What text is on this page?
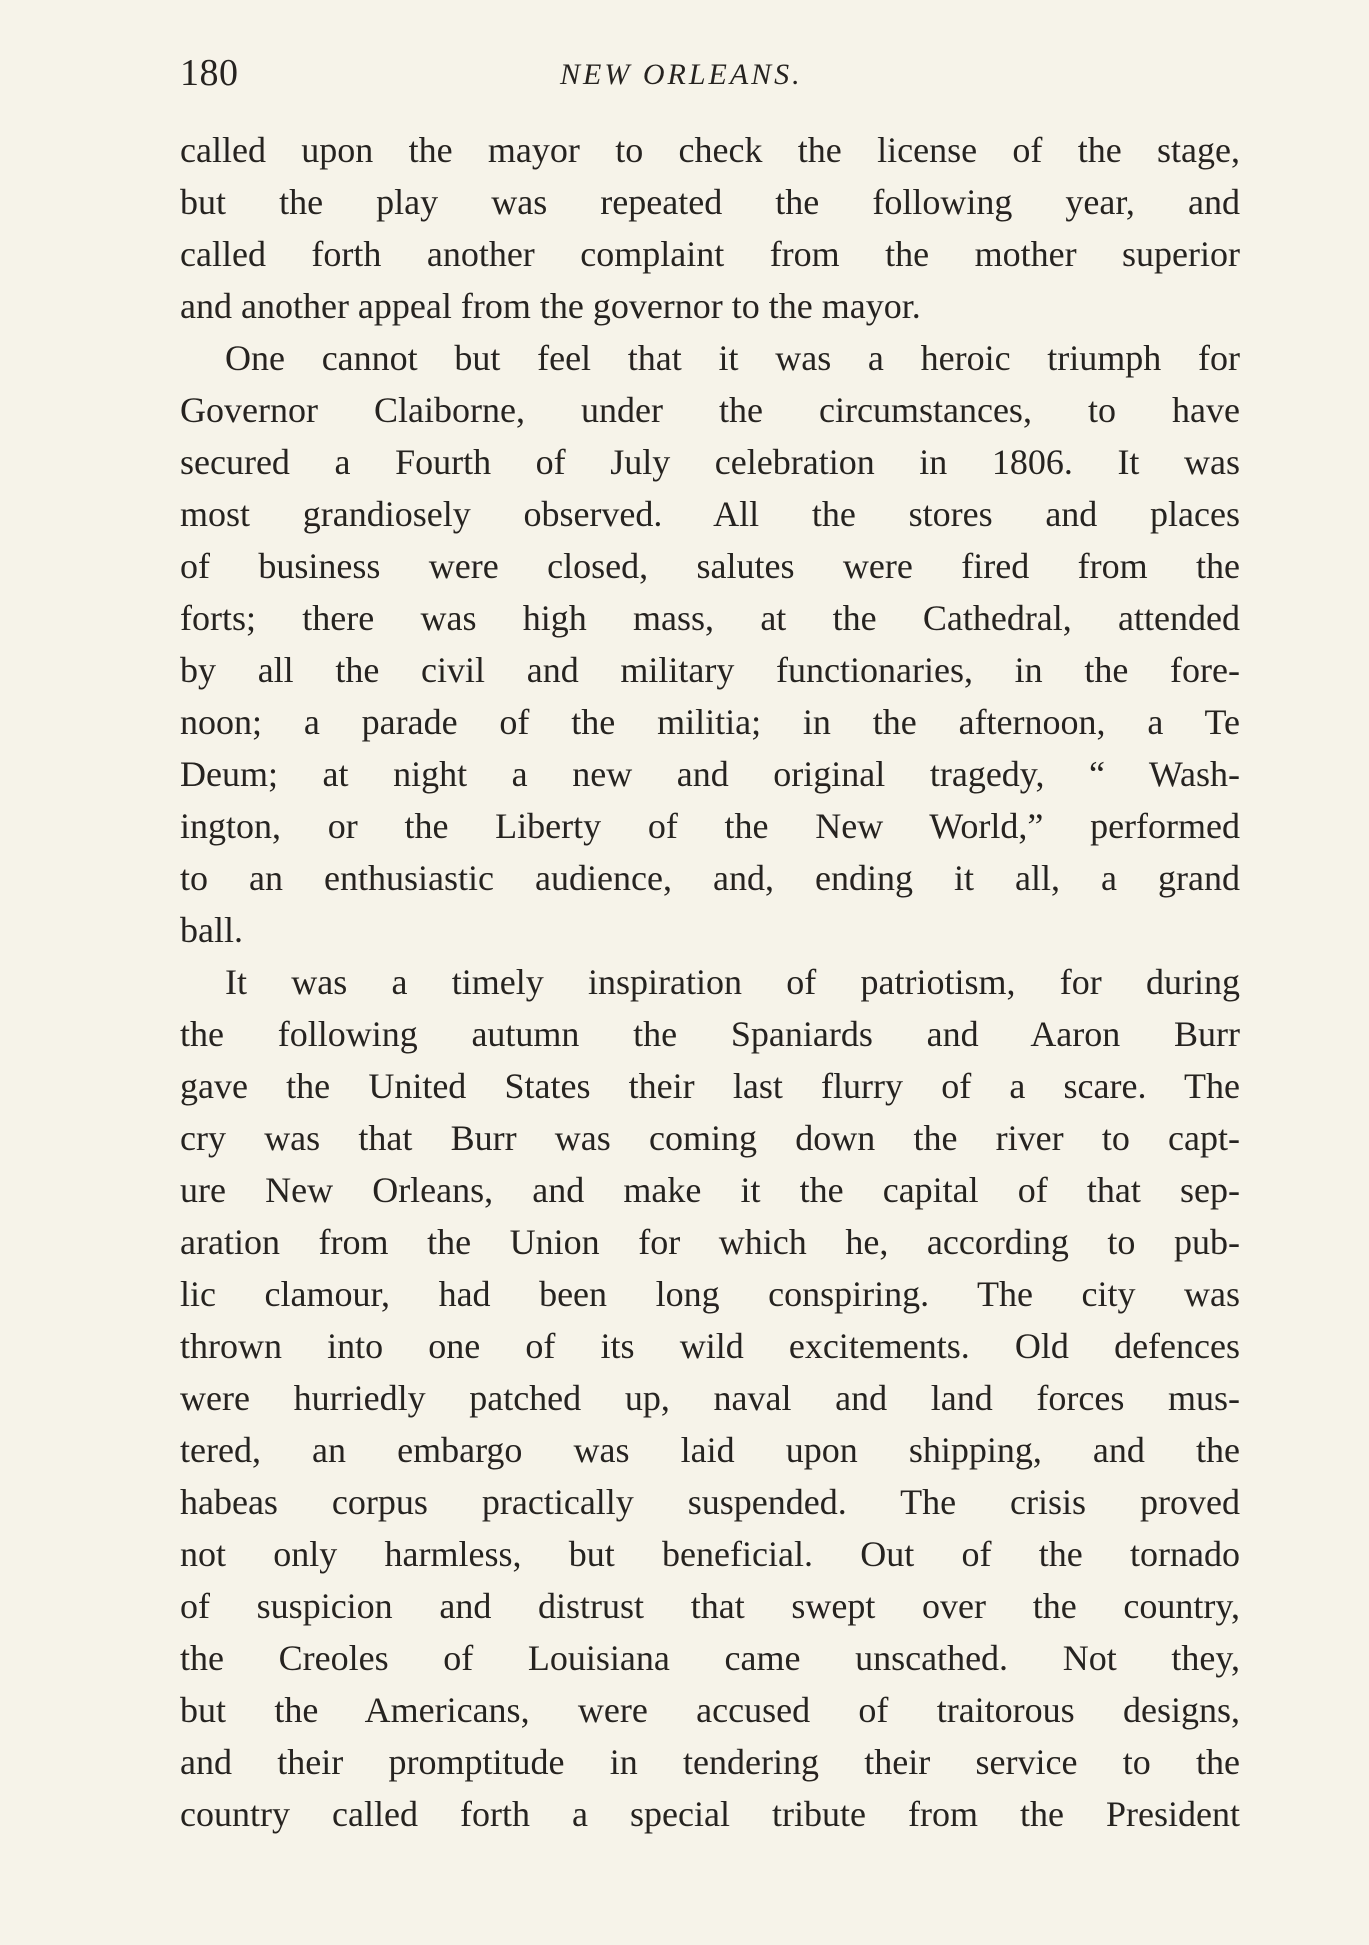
180	NEW ORLEANS.
called upon the mayor to check the license of the stage,
but the play was repeated the following year, and
called forth another complaint from the mother superior
and another appeal from the governor to the mayor.
One cannot but feel that it was a heroic triumph for
Governor Claiborne, under the circumstances, to have
secured a Fourth of July celebration in 1806. It was
most grandiosely observed. All the stores and places
of business were closed, salutes were fired from the
forts; there was high mass, at the Cathedral, attended
by all the civil and military functionaries, in the fore-
noon; a parade of the militia; in the afternoon, a Te
Deum; at night a new and original tragedy, “ Wash-
ington, or the Liberty of the New World,” performed
to an enthusiastic audience, and, ending it all, a grand
ball.
It was a timely inspiration of patriotism, for during
the following autumn the Spaniards and Aaron Burr
gave the United States their last flurry of a scare. The
cry was that Burr was coming down the river to capt-
ure New Orleans, and make it the capital of that sep-
aration from the Union for which he, according to pub-
lic clamour, had been long conspiring. The city was
thrown into one of its wild excitements. Old defences
were hurriedly patched up, naval and land forces mus-
tered, an embargo was laid upon shipping, and the
habeas corpus practically suspended. The crisis proved
not only harmless, but beneficial. Out of the tornado
of suspicion and distrust that swept over the country,
the Creoles of Louisiana came unscathed. Not they,
but the Americans, were accused of traitorous designs,
and their promptitude in tendering their service to the
country called forth a special tribute from the President
